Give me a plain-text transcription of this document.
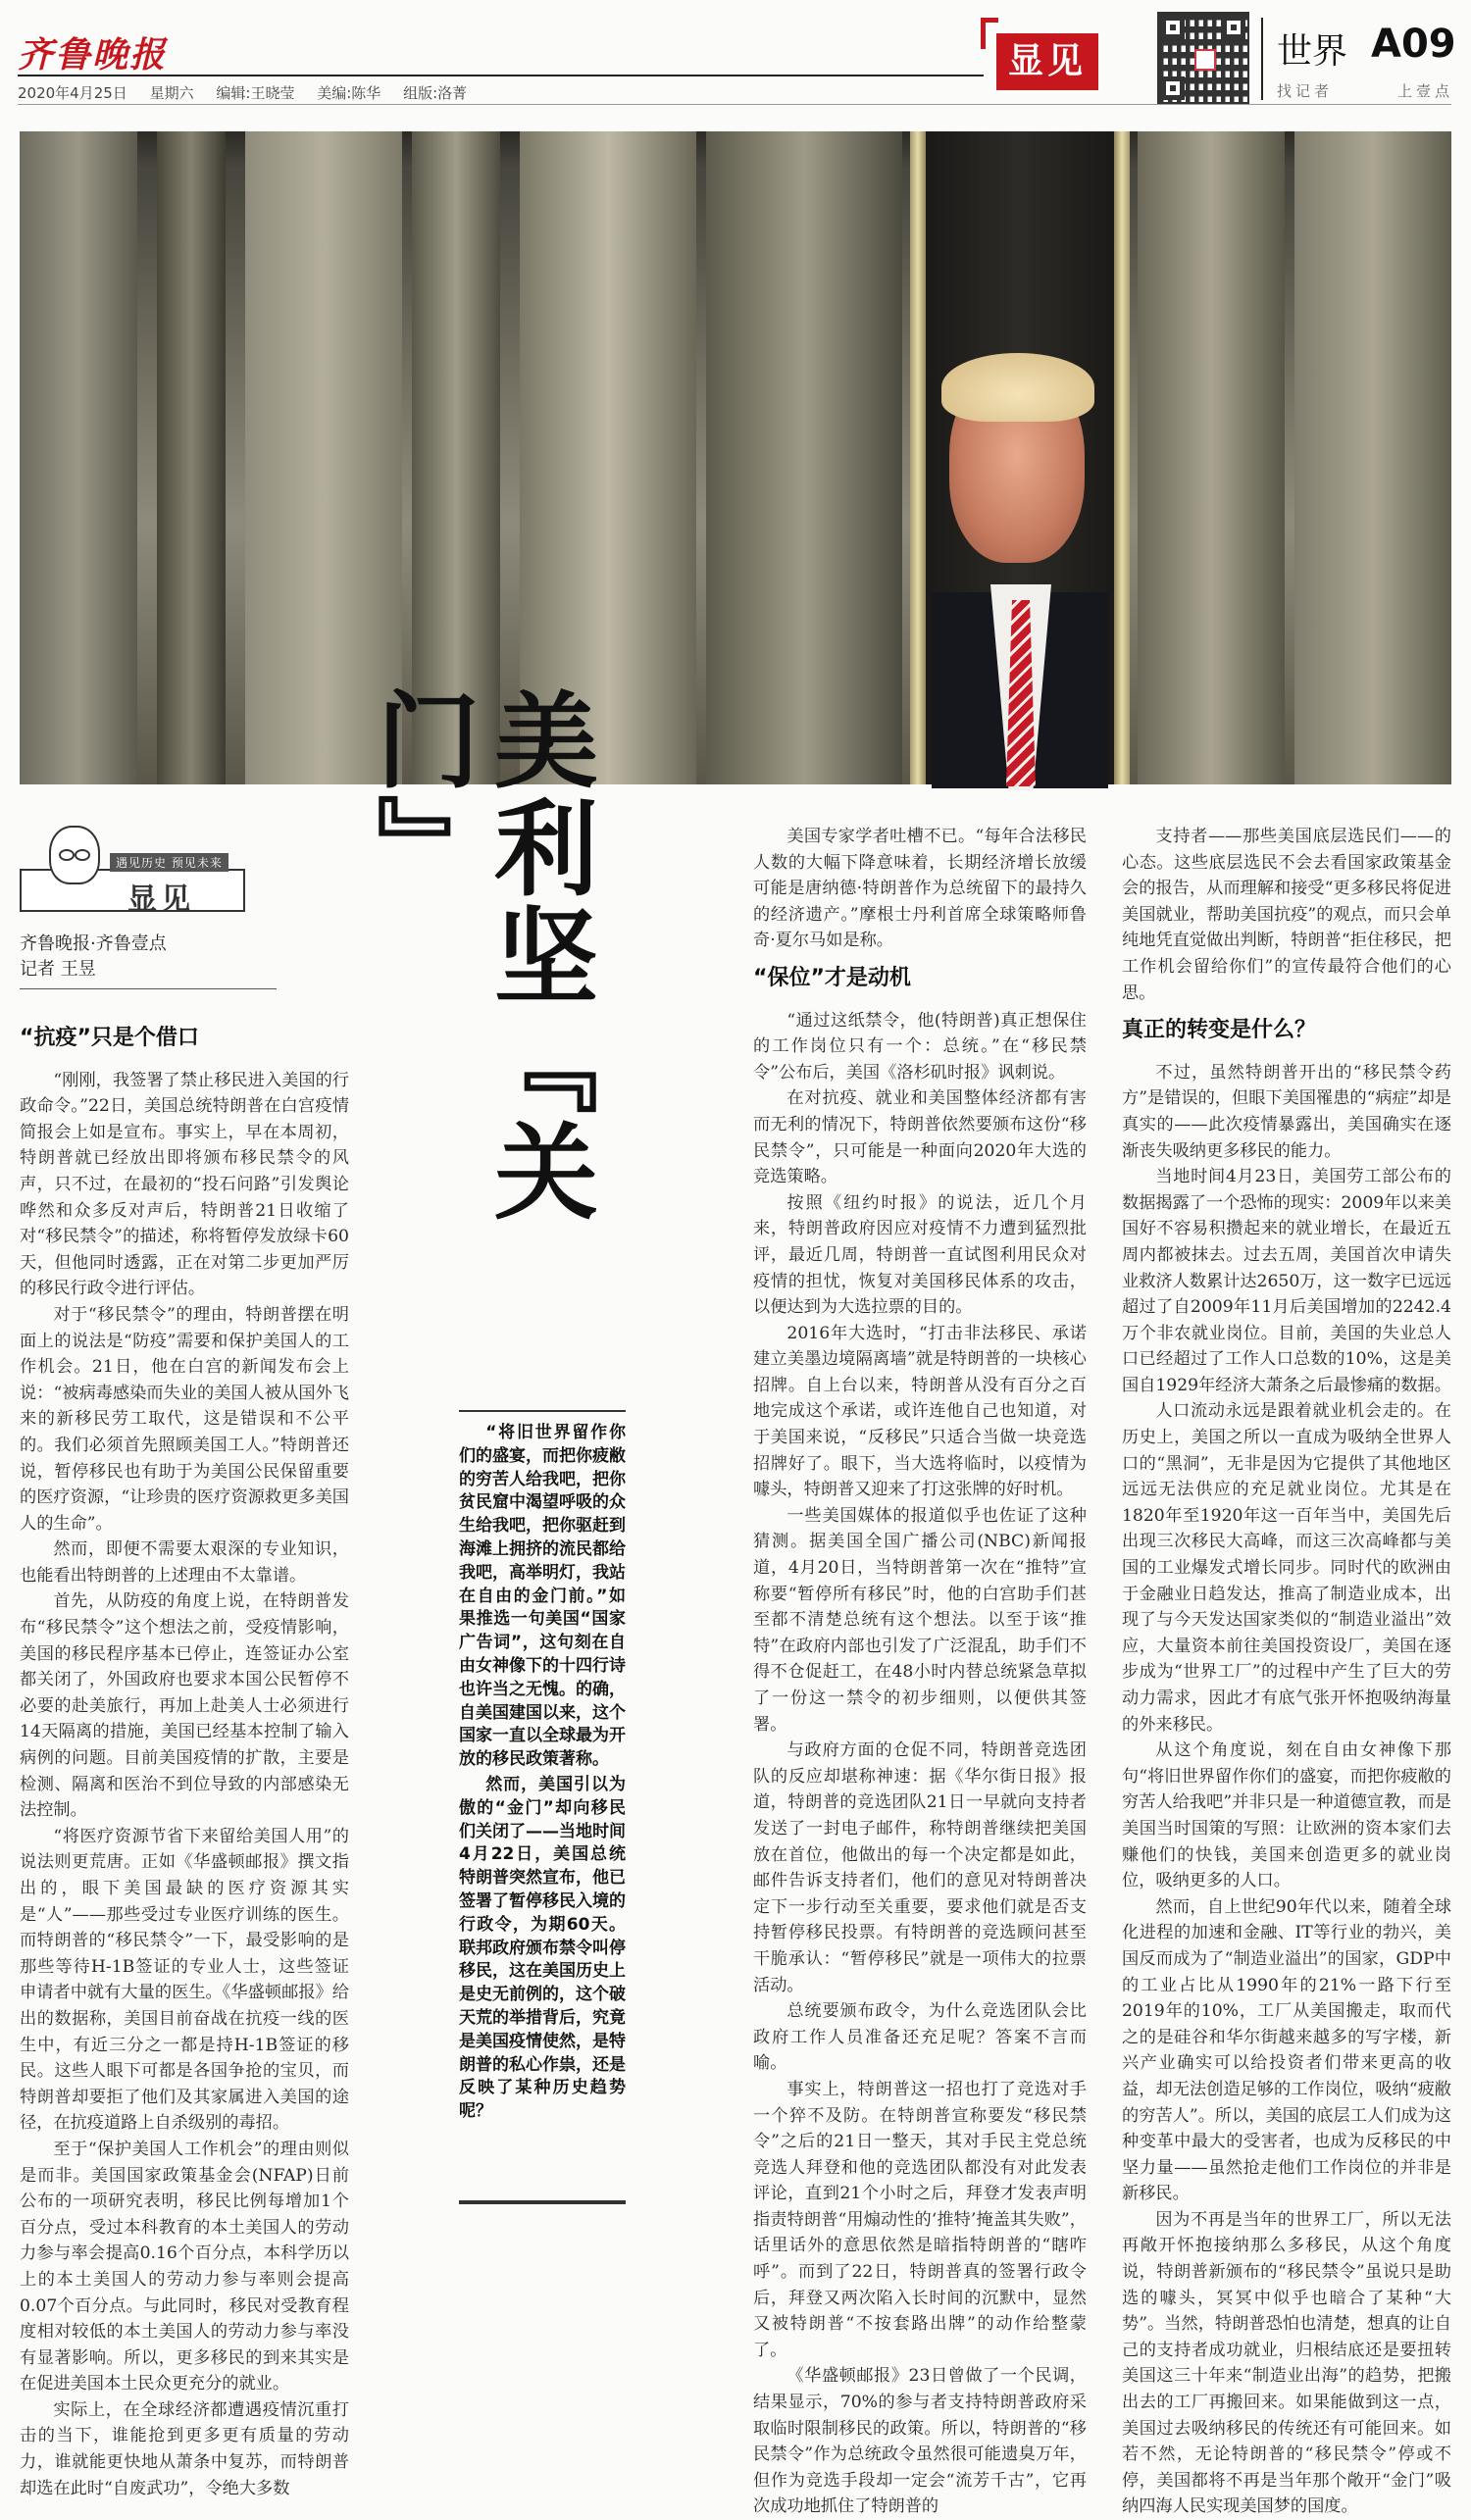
齐鲁晚报
2020年4月25日 星期六 编辑:王晓莹 美编:陈华 组版:洛菁
显见	世界 A09
找记者	上壹点
美利坚『关门』
遇见历史 预见未来
显见
齐鲁晚报·齐鲁壹点
记者 王昱

“抗疫”只是个借口

“刚刚，我签署了禁止移民进入美国的行政命令。”22日，美国总统特朗普在白宫疫情简报会上如是宣布。事实上，早在本周初，特朗普就已经放出即将颁布移民禁令的风声，只不过，在最初的“投石问路”引发舆论哗然和众多反对声后，特朗普21日收缩了对“移民禁令”的描述，称将暂停发放绿卡60天，但他同时透露，正在对第二步更加严厉的移民行政令进行评估。

对于“移民禁令”的理由，特朗普摆在明面上的说法是“防疫”需要和保护美国人的工作机会。21日，他在白宫的新闻发布会上说：“被病毒感染而失业的美国人被从国外飞来的新移民劳工取代，这是错误和不公平的。我们必须首先照顾美国工人。”特朗普还说，暂停移民也有助于为美国公民保留重要的医疗资源，“让珍贵的医疗资源救更多美国人的生命”。

然而，即便不需要太艰深的专业知识，也能看出特朗普的上述理由不太靠谱。

首先，从防疫的角度上说，在特朗普发布“移民禁令”这个想法之前，受疫情影响，美国的移民程序基本已停止，连签证办公室都关闭了，外国政府也要求本国公民暂停不必要的赴美旅行，再加上赴美人士必须进行14天隔离的措施，美国已经基本控制了输入病例的问题。目前美国疫情的扩散，主要是检测、隔离和医治不到位导致的内部感染无法控制。

“将医疗资源节省下来留给美国人用”的说法则更荒唐。正如《华盛顿邮报》撰文指出的，眼下美国最缺的医疗资源其实是“人”——那些受过专业医疗训练的医生。而特朗普的“移民禁令”一下，最受影响的是那些等待H-1B签证的专业人士，这些签证申请者中就有大量的医生。《华盛顿邮报》给出的数据称，美国目前奋战在抗疫一线的医生中，有近三分之一都是持H-1B签证的移民。这些人眼下可都是各国争抢的宝贝，而特朗普却要拒了他们及其家属进入美国的途径，在抗疫道路上自杀级别的毒招。

至于“保护美国人工作机会”的理由则似是而非。美国国家政策基金会(NFAP)日前公布的一项研究表明，移民比例每增加1个百分点，受过本科教育的本土美国人的劳动力参与率会提高0.16个百分点，本科学历以上的本土美国人的劳动力参与率则会提高0.07个百分点。与此同时，移民对受教育程度相对较低的本土美国人的劳动力参与率没有显著影响。所以，更多移民的到来其实是在促进美国本土民众更充分的就业。

实际上，在全球经济都遭遇疫情沉重打击的当下，谁能抢到更多更有质量的劳动力，谁就能更快地从萧条中复苏，而特朗普却选在此时“自废武功”，令绝大多数

“将旧世界留作你们的盛宴，而把你疲敝的穷苦人给我吧，把你贫民窟中渴望呼吸的众生给我吧，把你驱赶到海滩上拥挤的流民都给我吧，高举明灯，我站在自由的金门前。”如果推选一句美国“国家广告词”，这句刻在自由女神像下的十四行诗也许当之无愧。的确，自美国建国以来，这个国家一直以全球最为开放的移民政策著称。

然而，美国引以为傲的“金门”却向移民们关闭了——当地时间4月22日，美国总统特朗普突然宣布，他已签署了暂停移民入境的行政令，为期60天。联邦政府颁布禁令叫停移民，这在美国历史上是史无前例的，这个破天荒的举措背后，究竟是美国疫情使然，是特朗普的私心作祟，还是反映了某种历史趋势呢？

美国专家学者吐槽不已。“每年合法移民人数的大幅下降意味着，长期经济增长放缓可能是唐纳德·特朗普作为总统留下的最持久的经济遗产。”摩根士丹利首席全球策略师鲁奇·夏尔马如是称。

“保位”才是动机

“通过这纸禁令，他(特朗普)真正想保住的工作岗位只有一个：总统。”在“移民禁令”公布后，美国《洛杉矶时报》讽刺说。

在对抗疫、就业和美国整体经济都有害而无利的情况下，特朗普依然要颁布这份“移民禁令”，只可能是一种面向2020年大选的竞选策略。

按照《纽约时报》的说法，近几个月来，特朗普政府因应对疫情不力遭到猛烈批评，最近几周，特朗普一直试图利用民众对疫情的担忧，恢复对美国移民体系的攻击，以便达到为大选拉票的目的。

2016年大选时，“打击非法移民、承诺建立美墨边境隔离墙”就是特朗普的一块核心招牌。自上台以来，特朗普从没有百分之百地完成这个承诺，或许连他自己也知道，对于美国来说，“反移民”只适合当做一块竞选招牌好了。眼下，当大选将临时，以疫情为噱头，特朗普又迎来了打这张牌的好时机。

一些美国媒体的报道似乎也佐证了这种猜测。据美国全国广播公司(NBC)新闻报道，4月20日，当特朗普第一次在“推特”宣称要“暂停所有移民”时，他的白宫助手们甚至都不清楚总统有这个想法。以至于该“推特”在政府内部也引发了广泛混乱，助手们不得不仓促赶工，在48小时内替总统紧急草拟了一份这一禁令的初步细则，以便供其签署。

与政府方面的仓促不同，特朗普竞选团队的反应却堪称神速：据《华尔街日报》报道，特朗普的竞选团队21日一早就向支持者发送了一封电子邮件，称特朗普继续把美国放在首位，他做出的每一个决定都是如此，邮件告诉支持者们，他们的意见对特朗普决定下一步行动至关重要，要求他们就是否支持暂停移民投票。有特朗普的竞选顾问甚至干脆承认：“暂停移民”就是一项伟大的拉票活动。

总统要颁布政令，为什么竞选团队会比政府工作人员准备还充足呢？答案不言而喻。

事实上，特朗普这一招也打了竞选对手一个猝不及防。在特朗普宣称要发“移民禁令”之后的21日一整天，其对手民主党总统竞选人拜登和他的竞选团队都没有对此发表评论，直到21个小时之后，拜登才发表声明指责特朗普“用煽动性的‘推特’掩盖其失败”，话里话外的意思依然是暗指特朗普的“瞎咋呼”。而到了22日，特朗普真的签署行政令后，拜登又两次陷入长时间的沉默中，显然又被特朗普“不按套路出牌”的动作给整蒙了。

《华盛顿邮报》23日曾做了一个民调，结果显示，70%的参与者支持特朗普政府采取临时限制移民的政策。所以，特朗普的“移民禁令”作为总统政令虽然很可能遗臭万年，但作为竞选手段却一定会“流芳千古”，它再次成功地抓住了特朗普的

支持者——那些美国底层选民们——的心态。这些底层选民不会去看国家政策基金会的报告，从而理解和接受“更多移民将促进美国就业，帮助美国抗疫”的观点，而只会单纯地凭直觉做出判断，特朗普“拒住移民，把工作机会留给你们”的宣传最符合他们的心思。

真正的转变是什么？

不过，虽然特朗普开出的“移民禁令药方”是错误的，但眼下美国罹患的“病症”却是真实的——此次疫情暴露出，美国确实在逐渐丧失吸纳更多移民的能力。

当地时间4月23日，美国劳工部公布的数据揭露了一个恐怖的现实：2009年以来美国好不容易积攒起来的就业增长，在最近五周内都被抹去。过去五周，美国首次申请失业救济人数累计达2650万，这一数字已远远超过了自2009年11月后美国增加的2242.4万个非农就业岗位。目前，美国的失业总人口已经超过了工作人口总数的10%，这是美国自1929年经济大萧条之后最惨痛的数据。

人口流动永远是跟着就业机会走的。在历史上，美国之所以一直成为吸纳全世界人口的“黑洞”，无非是因为它提供了其他地区远远无法供应的充足就业岗位。尤其是在1820年至1920年这一百年当中，美国先后出现三次移民大高峰，而这三次高峰都与美国的工业爆发式增长同步。同时代的欧洲由于金融业日趋发达，推高了制造业成本，出现了与今天发达国家类似的“制造业溢出”效应，大量资本前往美国投资设厂，美国在逐步成为“世界工厂”的过程中产生了巨大的劳动力需求，因此才有底气张开怀抱吸纳海量的外来移民。

从这个角度说，刻在自由女神像下那句“将旧世界留作你们的盛宴，而把你疲敝的穷苦人给我吧”并非只是一种道德宣教，而是美国当时国策的写照：让欧洲的资本家们去赚他们的快钱，美国来创造更多的就业岗位，吸纳更多的人口。

然而，自上世纪90年代以来，随着全球化进程的加速和金融、IT等行业的勃兴，美国反而成为了“制造业溢出”的国家，GDP中的工业占比从1990年的21%一路下行至2019年的10%，工厂从美国搬走，取而代之的是硅谷和华尔街越来越多的写字楼，新兴产业确实可以给投资者们带来更高的收益，却无法创造足够的工作岗位，吸纳“疲敝的穷苦人”。所以，美国的底层工人们成为这种变革中最大的受害者，也成为反移民的中坚力量——虽然抢走他们工作岗位的并非是新移民。

因为不再是当年的世界工厂，所以无法再敞开怀抱接纳那么多移民，从这个角度说，特朗普新颁布的“移民禁令”虽说只是助选的噱头，冥冥中似乎也暗合了某种“大势”。当然，特朗普恐怕也清楚，想真的让自己的支持者成功就业，归根结底还是要扭转美国这三十年来“制造业出海”的趋势，把搬出去的工厂再搬回来。如果能做到这一点，美国过去吸纳移民的传统还有可能回来。如若不然，无论特朗普的“移民禁令”停或不停，美国都将不再是当年那个敞开“金门”吸纳四海人民实现美国梦的国度。
